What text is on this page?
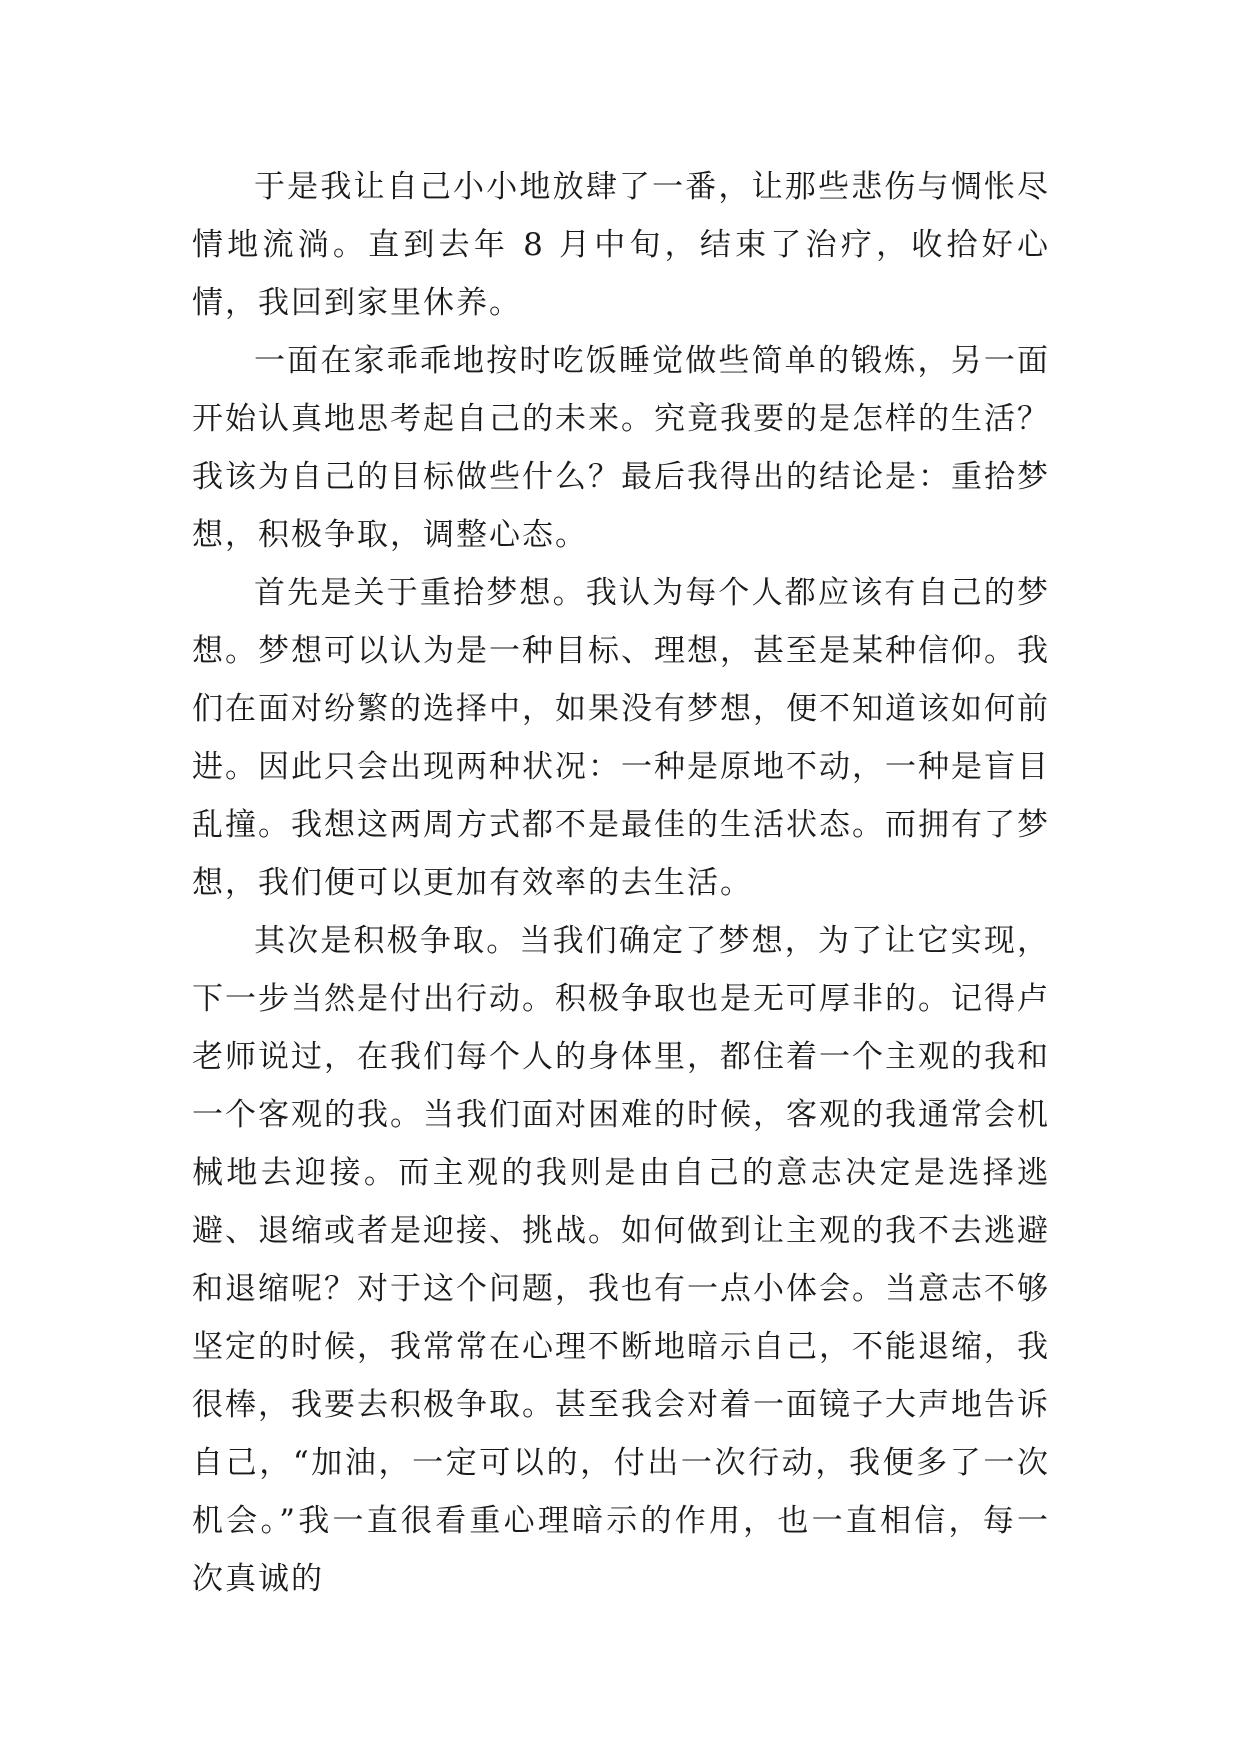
于是我让自己小小地放肆了一番，让那些悲伤与惆怅尽情地流淌。直到去年 8 月中旬，结束了治疗，收拾好心情，我回到家里休养。

一面在家乖乖地按时吃饭睡觉做些简单的锻炼，另一面开始认真地思考起自己的未来。究竟我要的是怎样的生活？我该为自己的目标做些什么？最后我得出的结论是：重拾梦想，积极争取，调整心态。

首先是关于重拾梦想。我认为每个人都应该有自己的梦想。梦想可以认为是一种目标、理想，甚至是某种信仰。我们在面对纷繁的选择中，如果没有梦想，便不知道该如何前进。因此只会出现两种状况：一种是原地不动，一种是盲目乱撞。我想这两周方式都不是最佳的生活状态。而拥有了梦想，我们便可以更加有效率的去生活。

其次是积极争取。当我们确定了梦想，为了让它实现，下一步当然是付出行动。积极争取也是无可厚非的。记得卢老师说过，在我们每个人的身体里，都住着一个主观的我和一个客观的我。当我们面对困难的时候，客观的我通常会机械地去迎接。而主观的我则是由自己的意志决定是选择逃避、退缩或者是迎接、挑战。如何做到让主观的我不去逃避和退缩呢？对于这个问题，我也有一点小体会。当意志不够坚定的时候，我常常在心理不断地暗示自己，不能退缩，我很棒，我要去积极争取。甚至我会对着一面镜子大声地告诉自己，“加油，一定可以的，付出一次行动，我便多了一次机会。”我一直很看重心理暗示的作用，也一直相信，每一次真诚的
